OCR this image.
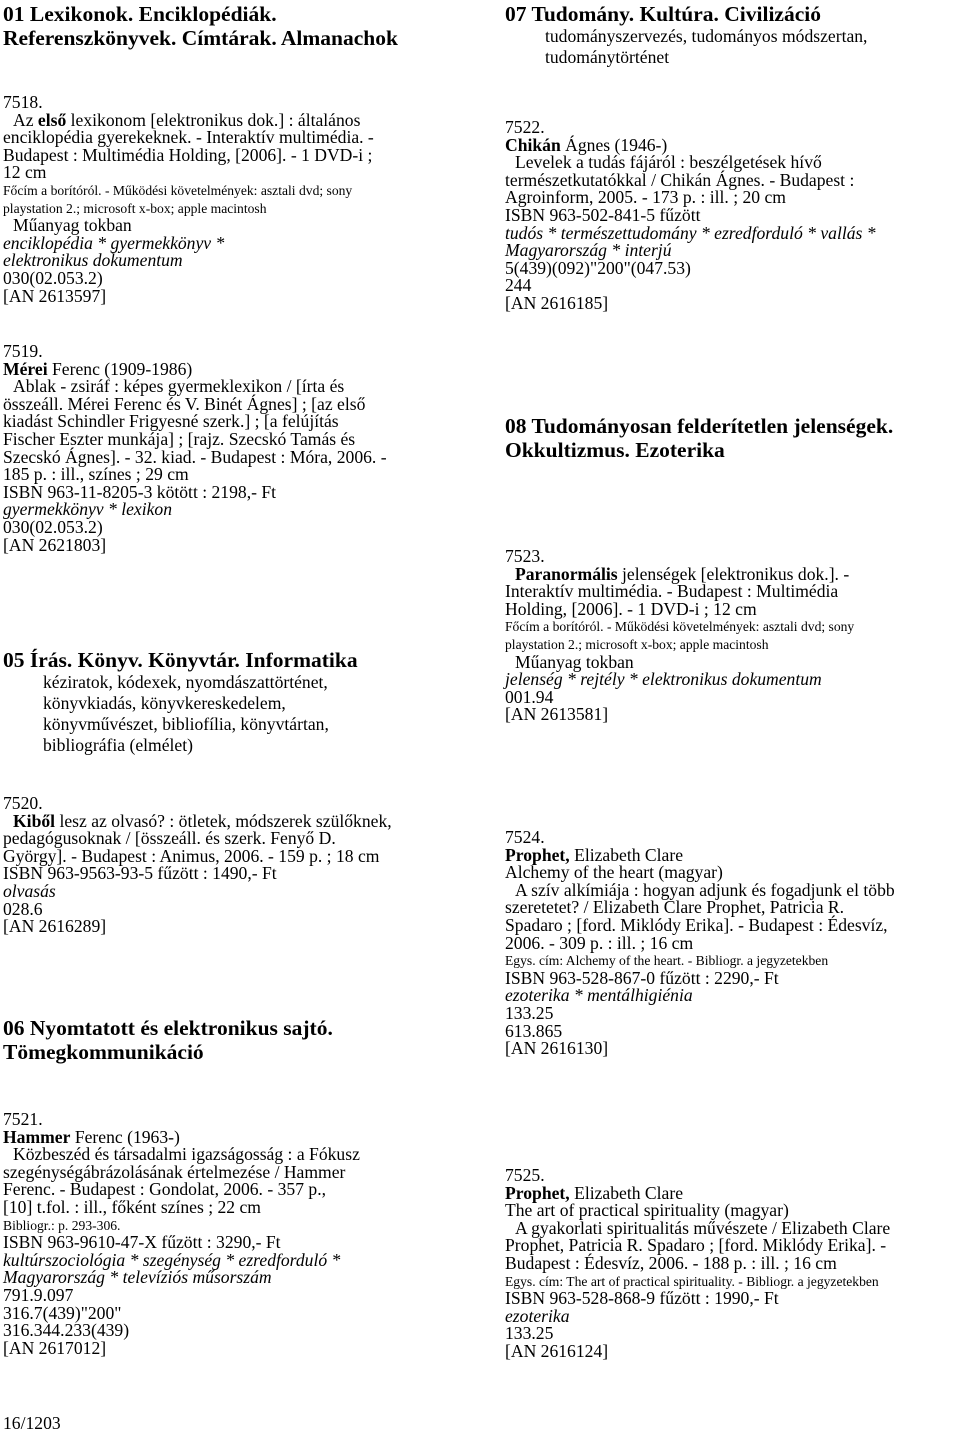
01 Lexikonok. Enciklopédiák.
Referenszkönyvek. Címtárak. Almanachok
7518.
Az első lexikonom [elektronikus dok.] : általános
enciklopédia gyerekeknek. - Interaktív multimédia. -
Budapest : Multimédia Holding, [2006]. - 1 DVD-i ;
12 cm
Főcím a borítóról. - Működési követelmények: asztali dvd; sony
playstation 2.; microsoft x-box; apple macintosh
Műanyag tokban
enciklopédia * gyermekkönyv *
elektronikus dokumentum
030(02.053.2)
[AN 2613597]
7519.
Mérei Ferenc (1909-1986)
Ablak - zsiráf : képes gyermeklexikon / [írta és
összeáll. Mérei Ferenc és V. Binét Ágnes] ; [az első
kiadást Schindler Frigyesné szerk.] ; [a felújítás
Fischer Eszter munkája] ; [rajz. Szecskó Tamás és
Szecskó Ágnes]. - 32. kiad. - Budapest : Móra, 2006. -
185 p. : ill., színes ; 29 cm
ISBN 963-11-8205-3 kötött : 2198,- Ft
gyermekkönyv * lexikon
030(02.053.2)
[AN 2621803]
05 Írás. Könyv. Könyvtár. Informatika
kéziratok, kódexek, nyomdászattörténet,
könyvkiadás, könyvkereskedelem,
könyvművészet, bibliofília, könyvtártan,
bibliográfia (elmélet)
7520.
Kiből lesz az olvasó? : ötletek, módszerek szülőknek,
pedagógusoknak / [összeáll. és szerk. Fenyő D.
György]. - Budapest : Animus, 2006. - 159 p. ; 18 cm
ISBN 963-9563-93-5 fűzött : 1490,- Ft
olvasás
028.6
[AN 2616289]
06 Nyomtatott és elektronikus sajtó.
Tömegkommunikáció
7521.
Hammer Ferenc (1963-)
Közbeszéd és társadalmi igazságosság : a Fókusz
szegénységábrázolásának értelmezése / Hammer
Ferenc. - Budapest : Gondolat, 2006. - 357 p.,
[10] t.fol. : ill., főként színes ; 22 cm
Bibliogr.: p. 293-306.
ISBN 963-9610-47-X fűzött : 3290,- Ft
kultúrszociológia * szegénység * ezredforduló *
Magyarország * televíziós műsorszám
791.9.097
316.7(439)"200"
316.344.233(439)
[AN 2617012]
16/1203
07 Tudomány. Kultúra. Civilizáció
tudományszervezés, tudományos módszertan,
tudománytörténet
7522.
Chikán Ágnes (1946-)
Levelek a tudás fájáról : beszélgetések hívő
természetkutatókkal / Chikán Ágnes. - Budapest :
Agroinform, 2005. - 173 p. : ill. ; 20 cm
ISBN 963-502-841-5 fűzött
tudós * természettudomány * ezredforduló * vallás *
Magyarország * interjú
5(439)(092)"200"(047.53)
244
[AN 2616185]
08 Tudományosan felderítetlen jelenségek.
Okkultizmus. Ezoterika
7523.
Paranormális jelenségek [elektronikus dok.]. -
Interaktív multimédia. - Budapest : Multimédia
Holding, [2006]. - 1 DVD-i ; 12 cm
Főcím a borítóról. - Működési követelmények: asztali dvd; sony
playstation 2.; microsoft x-box; apple macintosh
Műanyag tokban
jelenség * rejtély * elektronikus dokumentum
001.94
[AN 2613581]
7524.
Prophet, Elizabeth Clare
Alchemy of the heart (magyar)
A szív alkímiája : hogyan adjunk és fogadjunk el több
szeretetet? / Elizabeth Clare Prophet, Patricia R.
Spadaro ; [ford. Miklódy Erika]. - Budapest : Édesvíz,
2006. - 309 p. : ill. ; 16 cm
Egys. cím: Alchemy of the heart. - Bibliogr. a jegyzetekben
ISBN 963-528-867-0 fűzött : 2290,- Ft
ezoterika * mentálhigiénia
133.25
613.865
[AN 2616130]
7525.
Prophet, Elizabeth Clare
The art of practical spirituality (magyar)
A gyakorlati spiritualitás művészete / Elizabeth Clare
Prophet, Patricia R. Spadaro ; [ford. Miklódy Erika]. -
Budapest : Édesvíz, 2006. - 188 p. : ill. ; 16 cm
Egys. cím: The art of practical spirituality. - Bibliogr. a jegyzetekben
ISBN 963-528-868-9 fűzött : 1990,- Ft
ezoterika
133.25
[AN 2616124]
